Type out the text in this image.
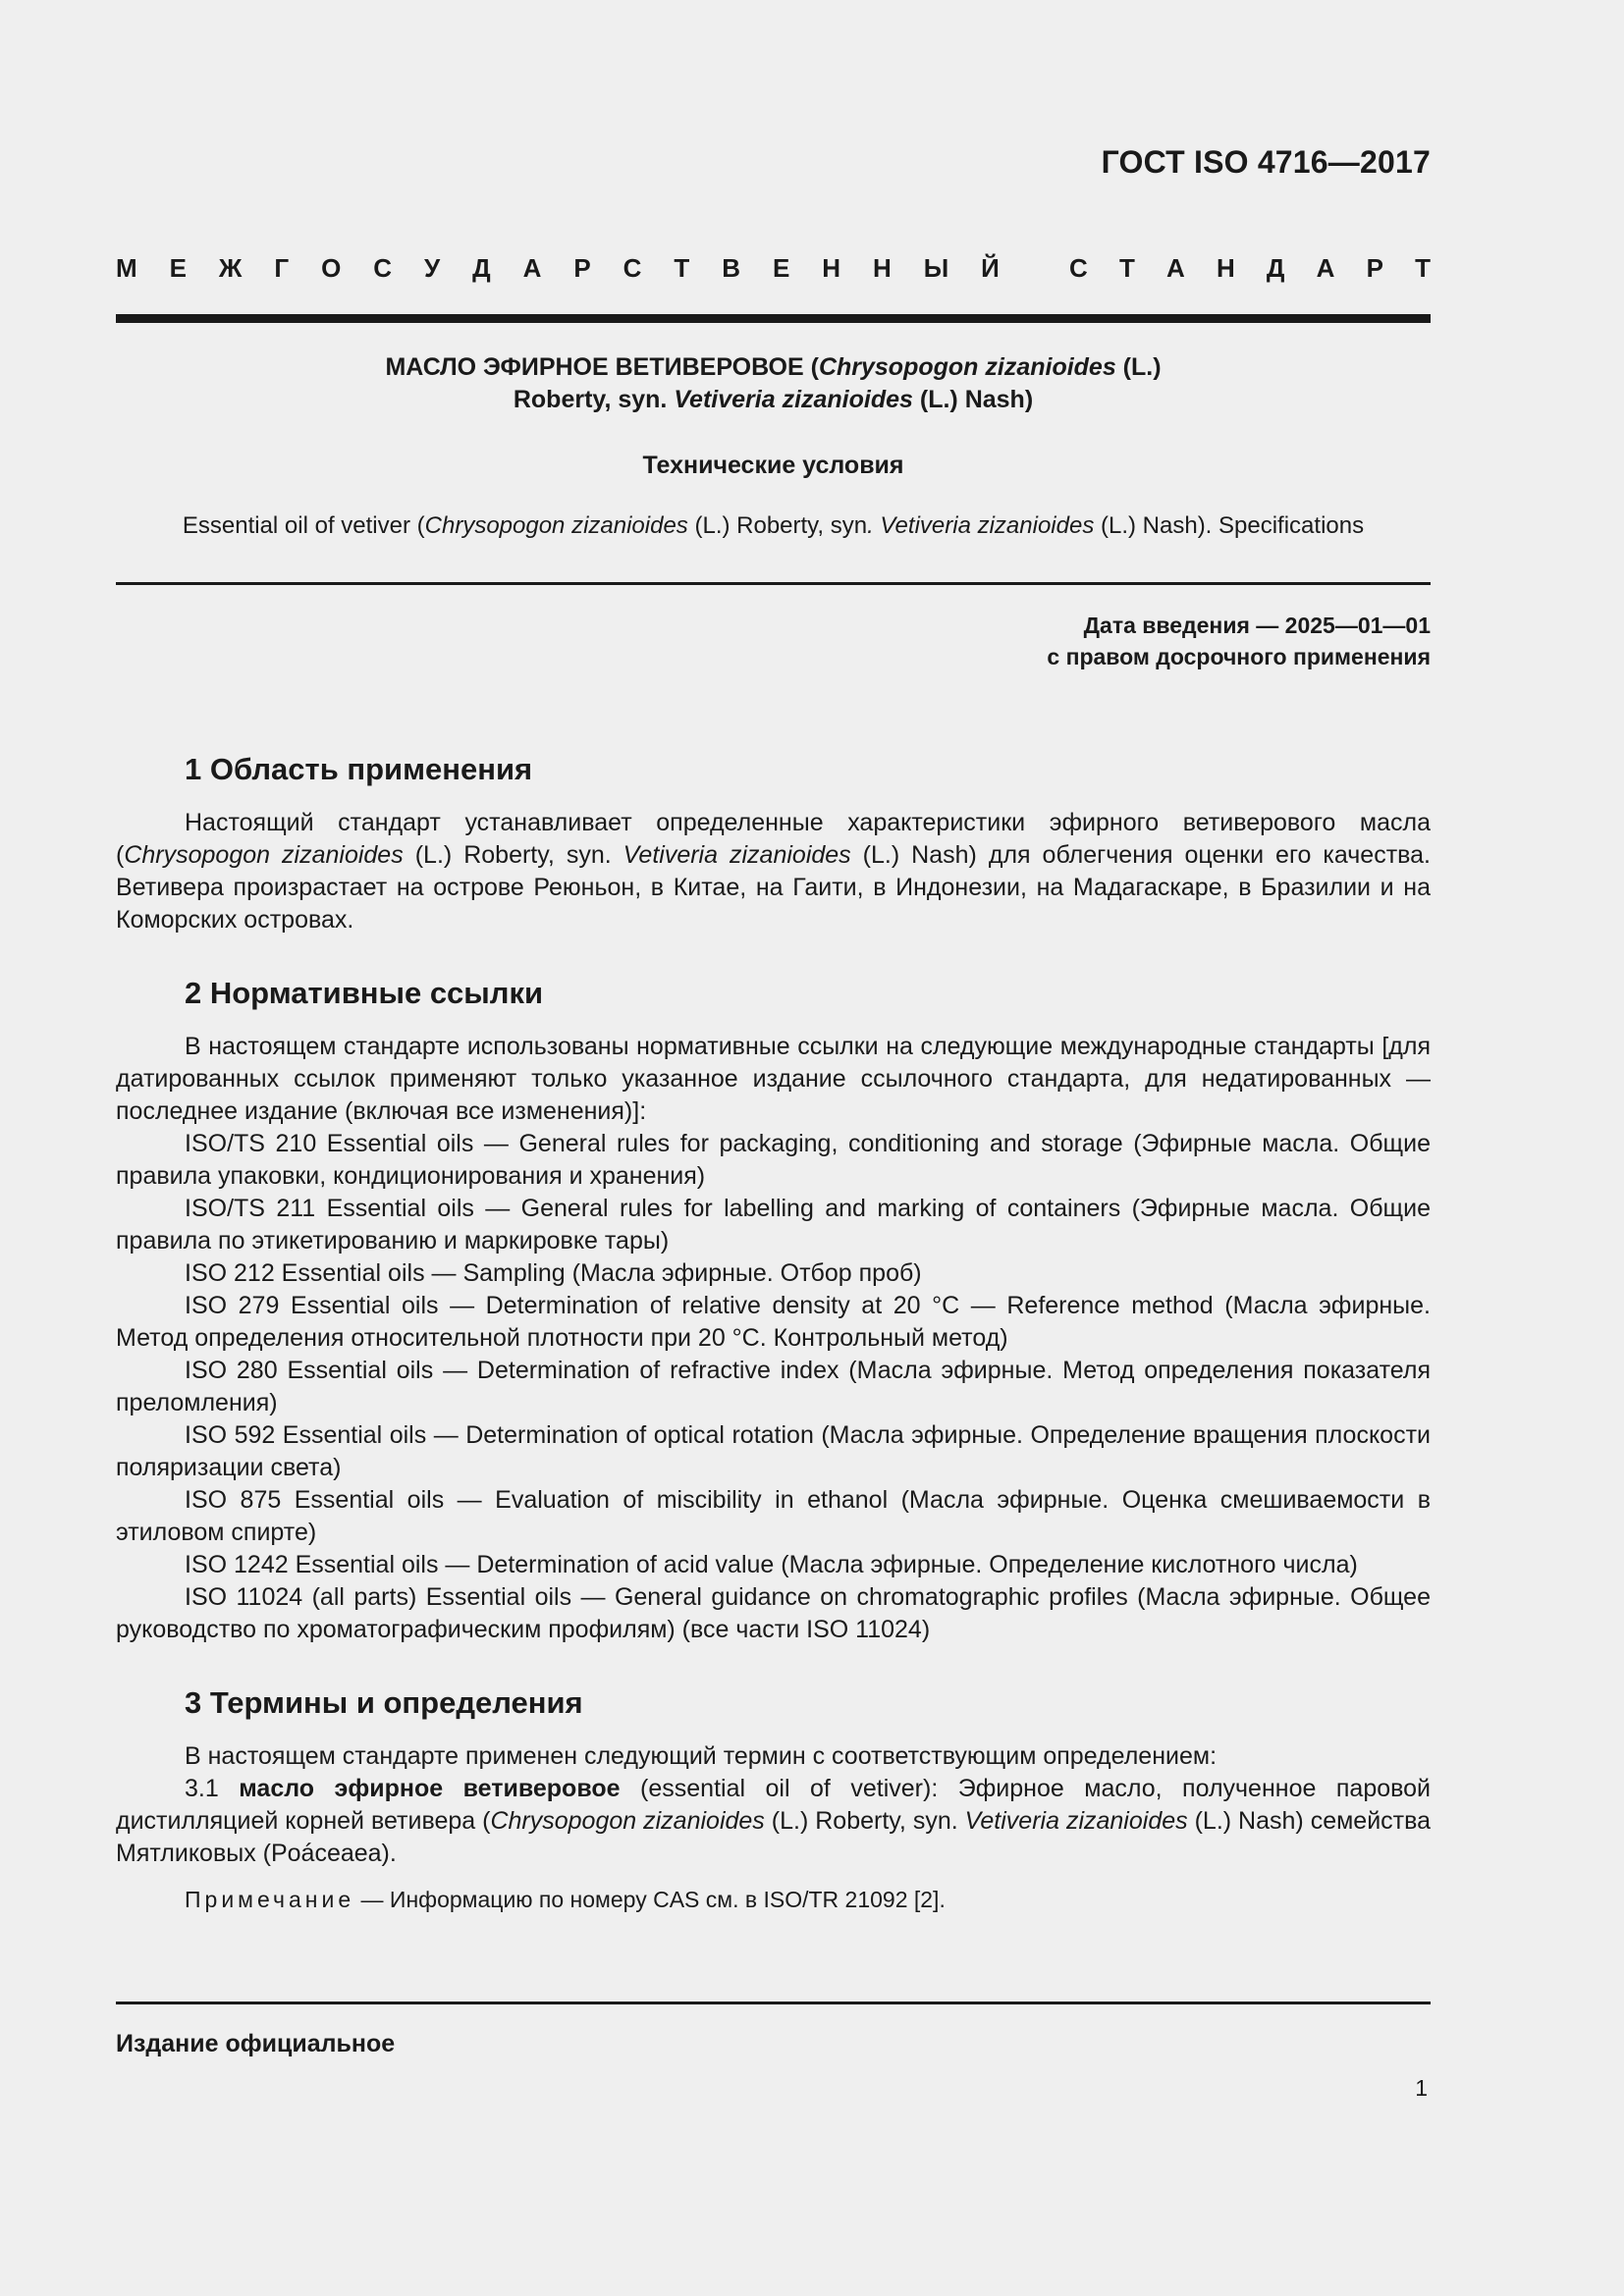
ГОСТ ISO 4716—2017
М Е Ж Г О С У Д А Р С Т В Е Н Н Ы Й	С Т А Н Д А Р Т
МАСЛО ЭФИРНОЕ ВЕТИВЕРОВОЕ (Chrysopogon zizanioides (L.)
Roberty, syn. Vetiveria zizanioides (L.) Nash)
Технические условия
Essential oil of vetiver (Chrysopogon zizanioides (L.) Roberty, syn. Vetiveria zizanioides (L.) Nash). Specifications
Дата введения — 2025—01—01
с правом досрочного применения
1 Область применения

Настоящий стандарт устанавливает определенные характеристики эфирного ветиверового масла (Chrysopogon zizanioides (L.) Roberty, syn. Vetiveria zizanioides (L.) Nash) для облегчения оценки его качества. Ветивера произрастает на острове Реюньон, в Китае, на Гаити, в Индонезии, на Мадагаскаре, в Бразилии и на Коморских островах.

2 Нормативные ссылки

В настоящем стандарте использованы нормативные ссылки на следующие международные стандарты [для датированных ссылок применяют только указанное издание ссылочного стандарта, для недатированных — последнее издание (включая все изменения)]:

ISO/TS 210 Essential oils — General rules for packaging, conditioning and storage (Эфирные масла. Общие правила упаковки, кондиционирования и хранения)

ISO/TS 211 Essential oils — General rules for labelling and marking of containers (Эфирные масла. Общие правила по этикетированию и маркировке тары)

ISO 212 Essential oils — Sampling (Масла эфирные. Отбор проб)

ISO 279 Essential oils — Determination of relative density at 20 °C — Reference method (Масла эфирные. Метод определения относительной плотности при 20 °C. Контрольный метод)

ISO 280 Essential oils — Determination of refractive index (Масла эфирные. Метод определения показателя преломления)

ISO 592 Essential oils — Determination of optical rotation (Масла эфирные. Определение вращения плоскости поляризации света)

ISO 875 Essential oils — Evaluation of miscibility in ethanol (Масла эфирные. Оценка смешиваемости в этиловом спирте)

ISO 1242 Essential oils — Determination of acid value (Масла эфирные. Определение кислотного числа)

ISO 11024 (all parts) Essential oils — General guidance on chromatographic profiles (Масла эфирные. Общее руководство по хроматографическим профилям) (все части ISO 11024)

3 Термины и определения

В настоящем стандарте применен следующий термин с соответствующим определением:

3.1 масло эфирное ветиверовое (essential oil of vetiver): Эфирное масло, полученное паровой дистилляцией корней ветивера (Chrysopogon zizanioides (L.) Roberty, syn. Vetiveria zizanioides (L.) Nash) семейства Мятликовых (Poáceaea).

Примечание — Информацию по номеру CAS см. в ISO/TR 21092 [2].

Издание официальное
1
